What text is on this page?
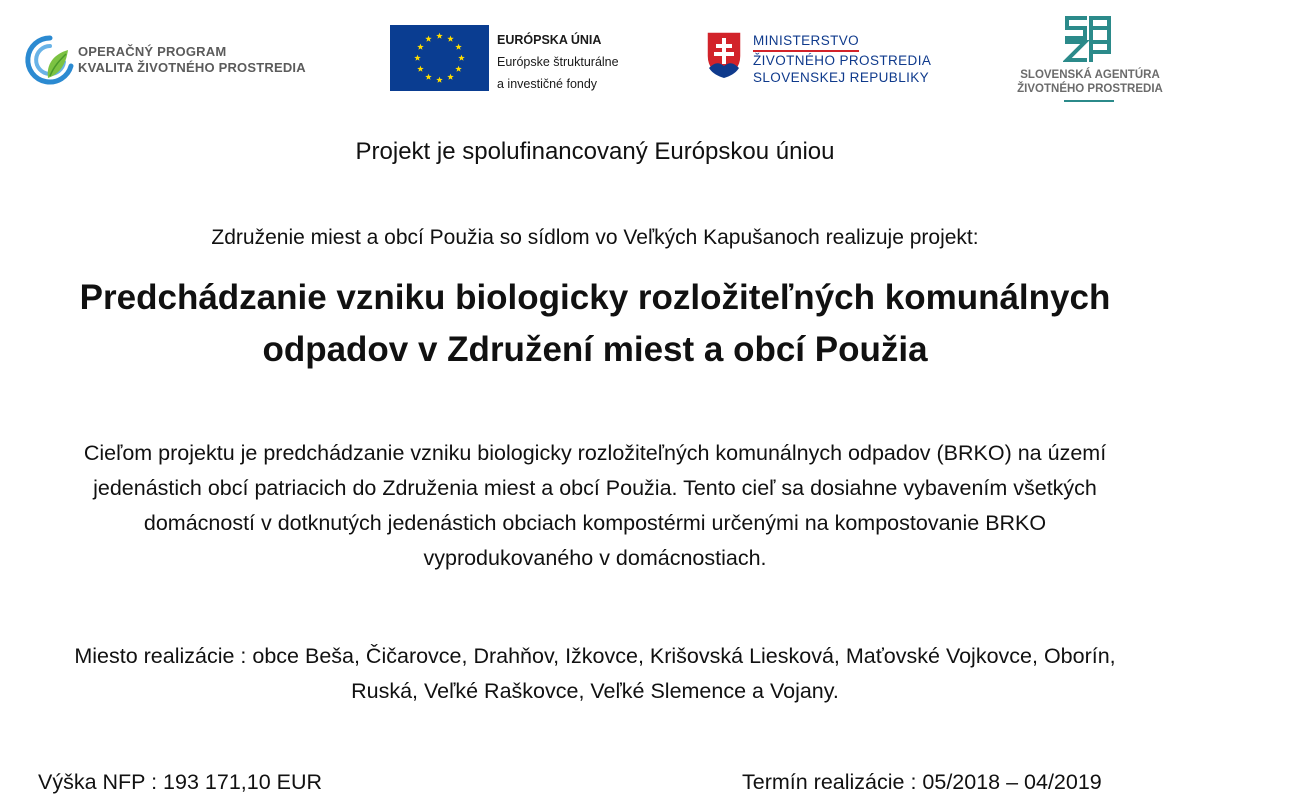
OPERAČNÝ PROGRAM
KVALITA ŽIVOTNÉHO PROSTREDIA
EURÓPSKA ÚNIA
Európske štrukturálne
a investičné fondy
MINISTERSTVO
ŽIVOTNÉHO PROSTREDIA
SLOVENSKEJ REPUBLIKY	SLOVENSKÁ AGENTÚRA
ŽIVOTNÉHO PROSTREDIA
Projekt je spolufinancovaný Európskou úniou
Združenie miest a obcí Použia so sídlom vo Veľkých Kapušanoch realizuje projekt:
Predchádzanie vzniku biologicky rozložiteľných komunálnych
odpadov v Združení miest a obcí Použia
Cieľom projektu je predchádzanie vzniku biologicky rozložiteľných komunálnych odpadov (BRKO) na území
jedenástich obcí patriacich do Združenia miest a obcí Použia. Tento cieľ sa dosiahne vybavením všetkých
domácností v dotknutých jedenástich obciach kompostérmi určenými na kompostovanie BRKO
vyprodukovaného v domácnostiach.
Miesto realizácie : obce Beša, Čičarovce, Drahňov, Ižkovce, Krišovská Liesková, Maťovské Vojkovce, Oborín,
Ruská, Veľké Raškovce, Veľké Slemence a Vojany.
Výška NFP : 193 171,10 EUR	Termín realizácie : 05/2018 – 04/2019
